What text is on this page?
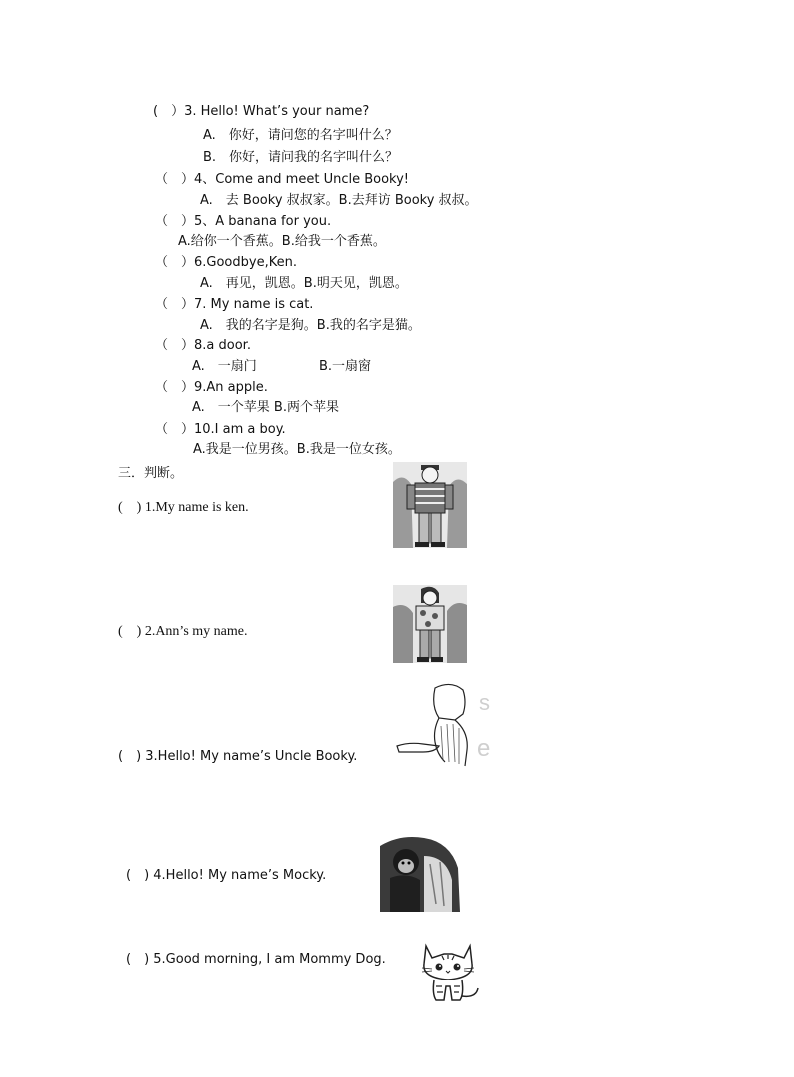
(　）3. Hello! What’s your name?
A.　你好，请问您的名字叫什么？
B.　你好，请问我的名字叫什么？
（　）4、Come and meet Uncle Booky!
A.　去 Booky 叔叔家。B.去拜访 Booky 叔叔。
（　）5、A banana for you.
A.给你一个香蕉。B.给我一个香蕉。
（　）6.Goodbye,Ken.
A.　再见，凯恩。B.明天见，凯恩。
（　）7. My name is cat.
A.　我的名字是狗。B.我的名字是猫。
（　）8.a door.
A.　一扇门	B.一扇窗
（　）9.An apple.
A.　一个苹果 B.两个苹果
（　）10.I am a boy.
A.我是一位男孩。B.我是一位女孩。
三．判断。
(　) 1.My name is ken.
(　) 2.Ann’s my name.
(　) 3.Hello! My name’s Uncle Booky.
s
e
(　) 4.Hello! My name’s Mocky.
(　) 5.Good morning, I am Mommy Dog.
